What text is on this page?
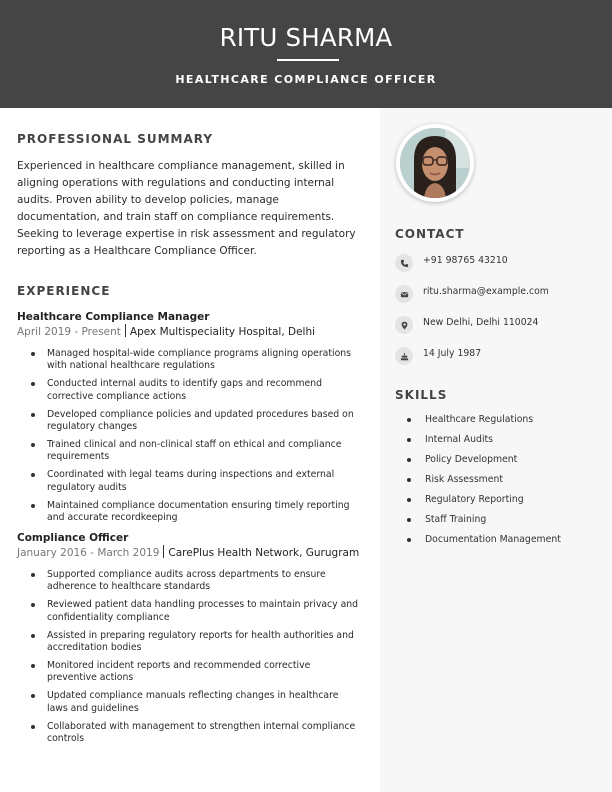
RITU SHARMA
HEALTHCARE COMPLIANCE OFFICER
PROFESSIONAL SUMMARY
Experienced in healthcare compliance management, skilled in aligning operations with regulations and conducting internal audits. Proven ability to develop policies, manage documentation, and train staff on compliance requirements. Seeking to leverage expertise in risk assessment and regulatory reporting as a Healthcare Compliance Officer.
EXPERIENCE
Healthcare Compliance Manager
April 2019 - Present Apex Multispeciality Hospital, Delhi
Managed hospital-wide compliance programs aligning operations with national healthcare regulations
Conducted internal audits to identify gaps and recommend corrective compliance actions
Developed compliance policies and updated procedures based on regulatory changes
Trained clinical and non-clinical staff on ethical and compliance requirements
Coordinated with legal teams during inspections and external regulatory audits
Maintained compliance documentation ensuring timely reporting and accurate recordkeeping
Compliance Officer
January 2016 - March 2019 CarePlus Health Network, Gurugram
Supported compliance audits across departments to ensure adherence to healthcare standards
Reviewed patient data handling processes to maintain privacy and confidentiality compliance
Assisted in preparing regulatory reports for health authorities and accreditation bodies
Monitored incident reports and recommended corrective preventive actions
Updated compliance manuals reflecting changes in healthcare laws and guidelines
Collaborated with management to strengthen internal compliance controls
CONTACT
+91 98765 43210
ritu.sharma@example.com
New Delhi, Delhi 110024
14 July 1987
SKILLS
Healthcare Regulations
Internal Audits
Policy Development
Risk Assessment
Regulatory Reporting
Staff Training
Documentation Management
